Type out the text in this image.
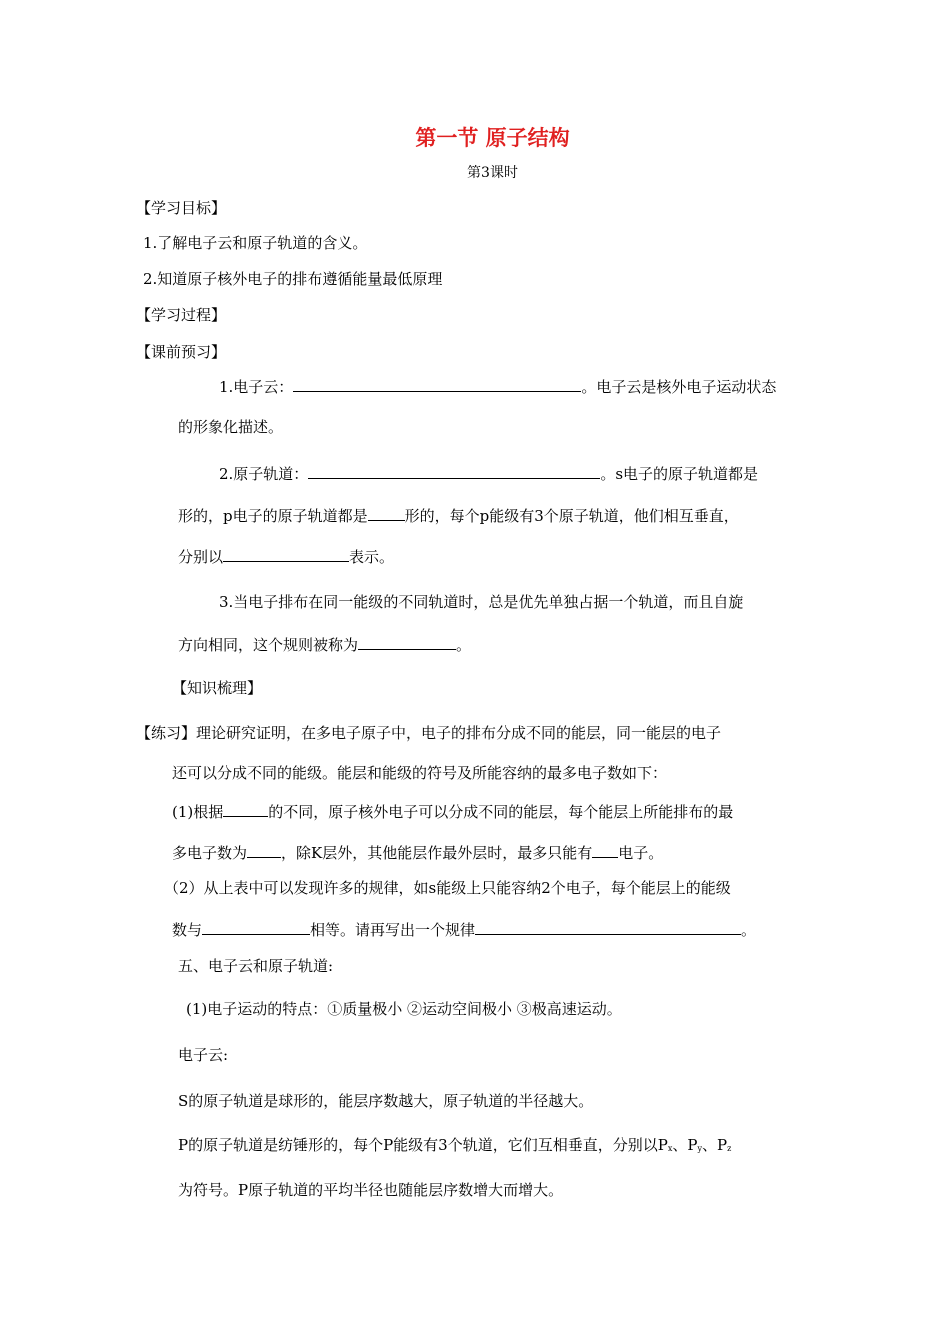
第一节 原子结构
第3课时
【学习目标】
1.了解电子云和原子轨道的含义。
2.知道原子核外电子的排布遵循能量最低原理
【学习过程】
【课前预习】
1.电子云：	。电子云是核外电子运动状态
的形象化描述。
2.原子轨道：	。s电子的原子轨道都是
形的，p电子的原子轨道都是 形的，每个p能级有3个原子轨道，他们相互垂直，
分别以	表示。
3.当电子排布在同一能级的不同轨道时，总是优先单独占据一个轨道，而且自旋
方向相同，这个规则被称为	。
【知识梳理】
【练习】理论研究证明，在多电子原子中，电子的排布分成不同的能层，同一能层的电子
还可以分成不同的能级。能层和能级的符号及所能容纳的最多电子数如下：
(1)根据	的不同，原子核外电子可以分成不同的能层，每个能层上所能排布的最
多电子数为 ，除K层外，其他能层作最外层时，最多只能有 电子。
（2）从上表中可以发现许多的规律，如s能级上只能容纳2个电子，每个能层上的能级
数与	相等。请再写出一个规律	。
五、电子云和原子轨道:
(1)电子运动的特点：①质量极小 ②运动空间极小 ③极高速运动。
电子云:
S的原子轨道是球形的，能层序数越大，原子轨道的半径越大。
P的原子轨道是纺锤形的，每个P能级有3个轨道，它们互相垂直，分别以$P_x$、$P_y$、$P_z$
为符号。P原子轨道的平均半径也随能层序数增大而增大。
